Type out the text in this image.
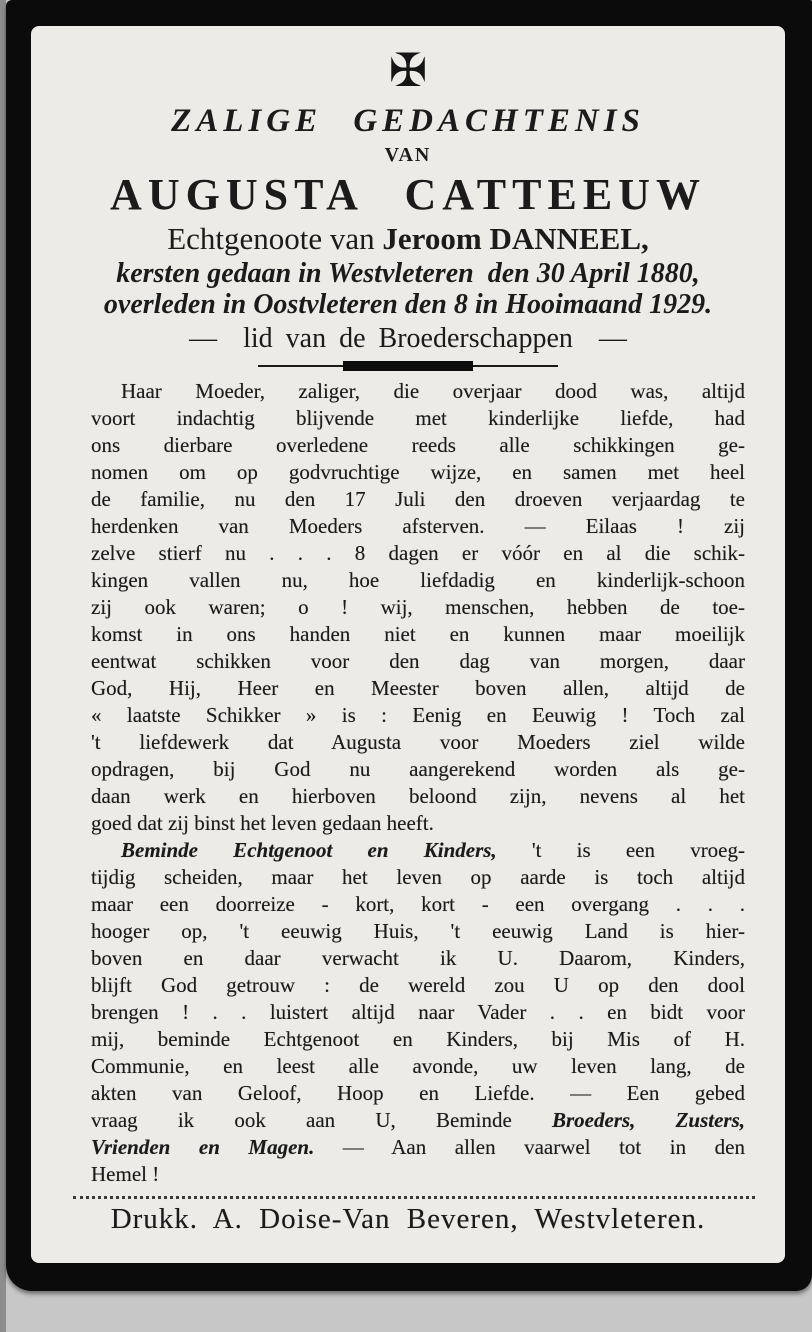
✠
ZALIGE GEDACHTENIS
VAN
AUGUSTA CATTEEUW
Echtgenoote van Jeroom DANNEEL,
kersten gedaan in Westvleteren  den 30 April 1880,
overleden in Oostvleteren den 8 in Hooimaand 1929.
—  lid van de Broederschappen  —
Haar Moeder, zaliger, die overjaar dood was, altijd
voort indachtig blijvende met kinderlijke liefde, had
ons dierbare overledene reeds alle schikkingen ge-
nomen om op godvruchtige wijze, en samen met heel
de familie, nu den 17 Juli den droeven verjaardag te
herdenken van Moeders afsterven. — Eilaas ! zij
zelve stierf nu . . . 8 dagen er vóór en al die schik-
kingen vallen nu, hoe liefdadig en kinderlijk-schoon
zij ook waren; o ! wij, menschen, hebben de toe-
komst in ons handen niet en kunnen maar moeilijk
eentwat schikken voor den dag van morgen, daar
God, Hij, Heer en Meester boven allen, altijd de
« laatste Schikker » is : Eenig en Eeuwig ! Toch zal
't liefdewerk dat Augusta voor Moeders ziel wilde
opdragen, bij God nu aangerekend worden als ge-
daan werk en hierboven beloond zijn, nevens al het
goed dat zij binst het leven gedaan heeft.
Beminde Echtgenoot en Kinders, 't is een vroeg-
tijdig scheiden, maar het leven op aarde is toch altijd
maar een doorreize - kort, kort - een overgang . . .
hooger op, 't eeuwig Huis, 't eeuwig Land is hier-
boven en daar verwacht ik U. Daarom, Kinders,
blijft God getrouw : de wereld zou U op den dool
brengen ! . . luistert altijd naar Vader . . en bidt voor
mij, beminde Echtgenoot en Kinders, bij Mis of H.
Communie, en leest alle avonde, uw leven lang, de
akten van Geloof, Hoop en Liefde. — Een gebed
vraag ik ook aan U, Beminde Broeders, Zusters,
Vrienden en Magen. — Aan allen vaarwel tot in den
Hemel !
Drukk. A. Doise-Van Beveren, Westvleteren.
